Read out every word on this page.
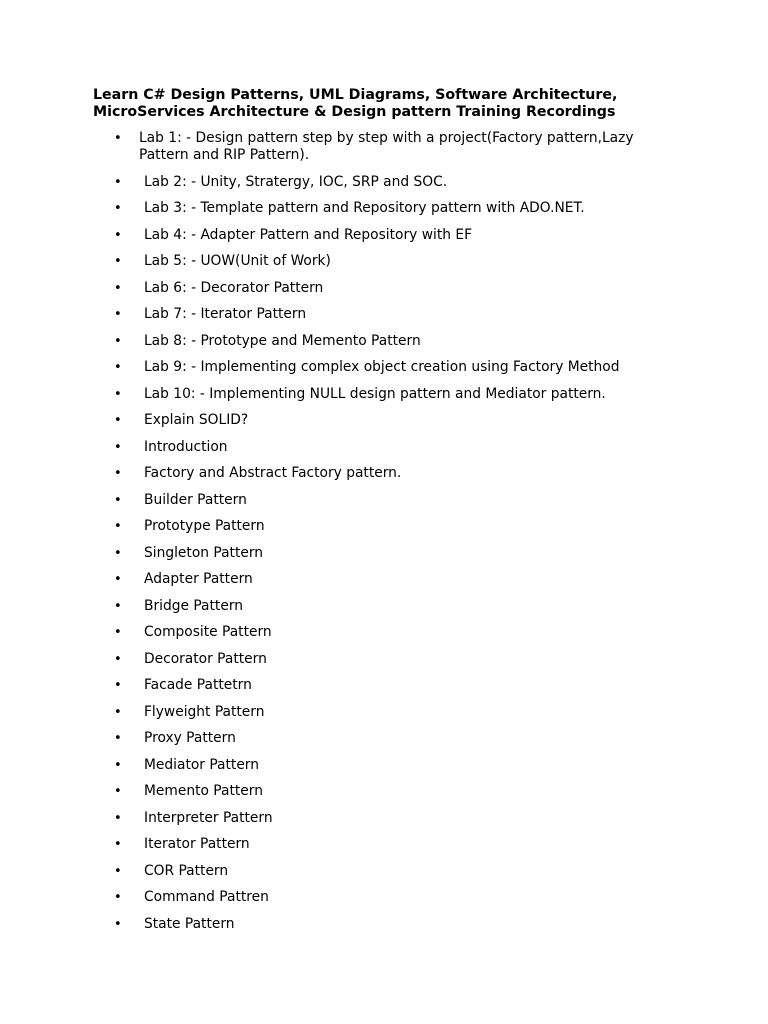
Learn C# Design Patterns, UML Diagrams, Software Architecture,
MicroServices Architecture & Design pattern Training Recordings
• Lab 1: - Design pattern step by step with a project(Factory pattern,Lazy
Pattern and RIP Pattern).
• Lab 2: - Unity, Stratergy, IOC, SRP and SOC.
• Lab 3: - Template pattern and Repository pattern with ADO.NET.
• Lab 4: - Adapter Pattern and Repository with EF
• Lab 5: - UOW(Unit of Work)
• Lab 6: - Decorator Pattern
• Lab 7: - Iterator Pattern
• Lab 8: - Prototype and Memento Pattern
• Lab 9: - Implementing complex object creation using Factory Method
• Lab 10: - Implementing NULL design pattern and Mediator pattern.
• Explain SOLID?
• Introduction
• Factory and Abstract Factory pattern.
• Builder Pattern
• Prototype Pattern
• Singleton Pattern
• Adapter Pattern
• Bridge Pattern
• Composite Pattern
• Decorator Pattern
• Facade Pattetrn
• Flyweight Pattern
• Proxy Pattern
• Mediator Pattern
• Memento Pattern
• Interpreter Pattern
• Iterator Pattern
• COR Pattern
• Command Pattren
• State Pattern
